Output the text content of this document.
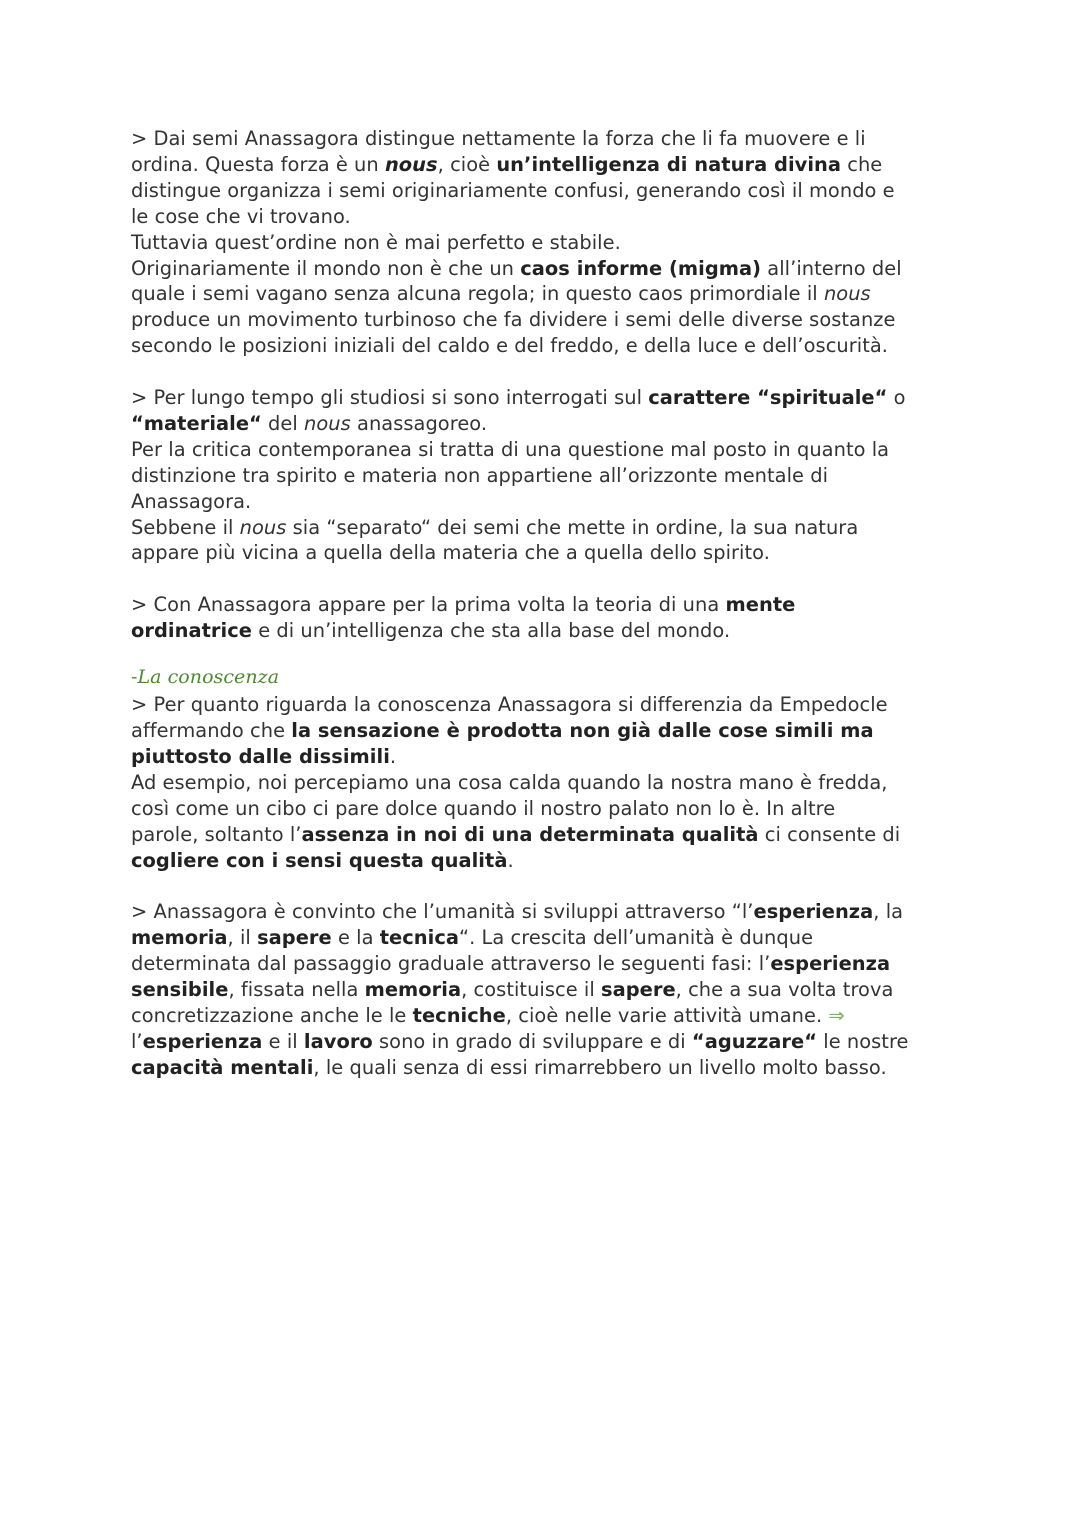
> Dai semi Anassagora distingue nettamente la forza che li fa muovere e li
ordina. Questa forza è un nous, cioè un’intelligenza di natura divina che
distingue organizza i semi originariamente confusi, generando così il mondo e
le cose che vi trovano.
Tuttavia quest’ordine non è mai perfetto e stabile.
Originariamente il mondo non è che un caos informe (migma) all’interno del
quale i semi vagano senza alcuna regola; in questo caos primordiale il nous
produce un movimento turbinoso che fa dividere i semi delle diverse sostanze
secondo le posizioni iniziali del caldo e del freddo, e della luce e dell’oscurità.
> Per lungo tempo gli studiosi si sono interrogati sul carattere “spirituale“ o
“materiale“ del nous anassagoreo.
Per la critica contemporanea si tratta di una questione mal posto in quanto la
distinzione tra spirito e materia non appartiene all’orizzonte mentale di
Anassagora.
Sebbene il nous sia “separato“ dei semi che mette in ordine, la sua natura
appare più vicina a quella della materia che a quella dello spirito.
> Con Anassagora appare per la prima volta la teoria di una mente
ordinatrice e di un’intelligenza che sta alla base del mondo.
-La conoscenza
> Per quanto riguarda la conoscenza Anassagora si differenzia da Empedocle
affermando che la sensazione è prodotta non già dalle cose simili ma
piuttosto dalle dissimili.
Ad esempio, noi percepiamo una cosa calda quando la nostra mano è fredda,
così come un cibo ci pare dolce quando il nostro palato non lo è. In altre
parole, soltanto l’assenza in noi di una determinata qualità ci consente di
cogliere con i sensi questa qualità.
> Anassagora è convinto che l’umanità si sviluppi attraverso “l’esperienza, la
memoria, il sapere e la tecnica“. La crescita dell’umanità è dunque
determinata dal passaggio graduale attraverso le seguenti fasi: l’esperienza
sensibile, fissata nella memoria, costituisce il sapere, che a sua volta trova
concretizzazione anche le le tecniche, cioè nelle varie attività umane. ⇒
l’esperienza e il lavoro sono in grado di sviluppare e di “aguzzare“ le nostre
capacità mentali, le quali senza di essi rimarrebbero un livello molto basso.
